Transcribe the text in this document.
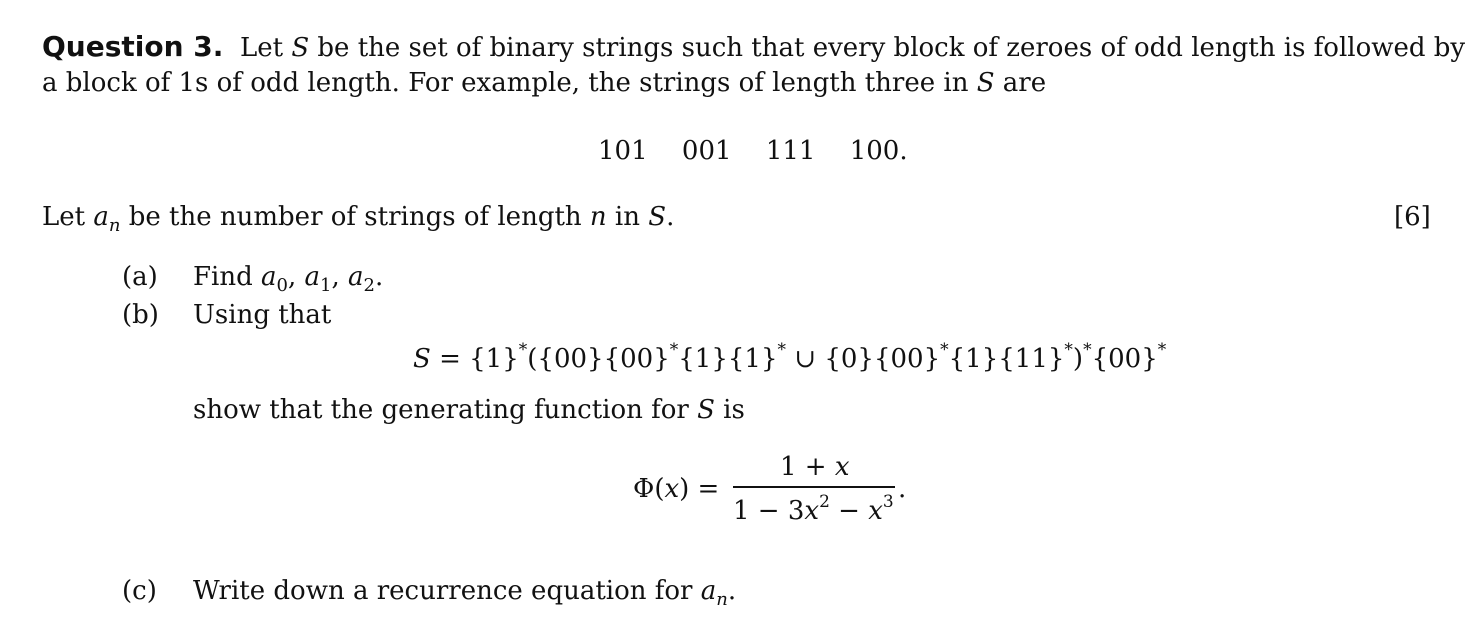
Question 3.  Let S be the set of binary strings such that every block of zeroes of odd length is followed by
a block of 1s of odd length. For example, the strings of length three in S are
101 001 111 100.
Let $a_n$ be the number of strings of length n in S.	[6]
(a) Find $a_0$, $a_1$, $a_2$.
(b) Using that
S = {1}*({00}{00}*{1}{1}* ∪ {0}{00}*{1}{11}*)*{00}*
show that the generating function for S is
Φ(x) =
1 + x
$1 - 3x^2 - x^3$ .
(c) Write down a recurrence equation for $a_n$.
